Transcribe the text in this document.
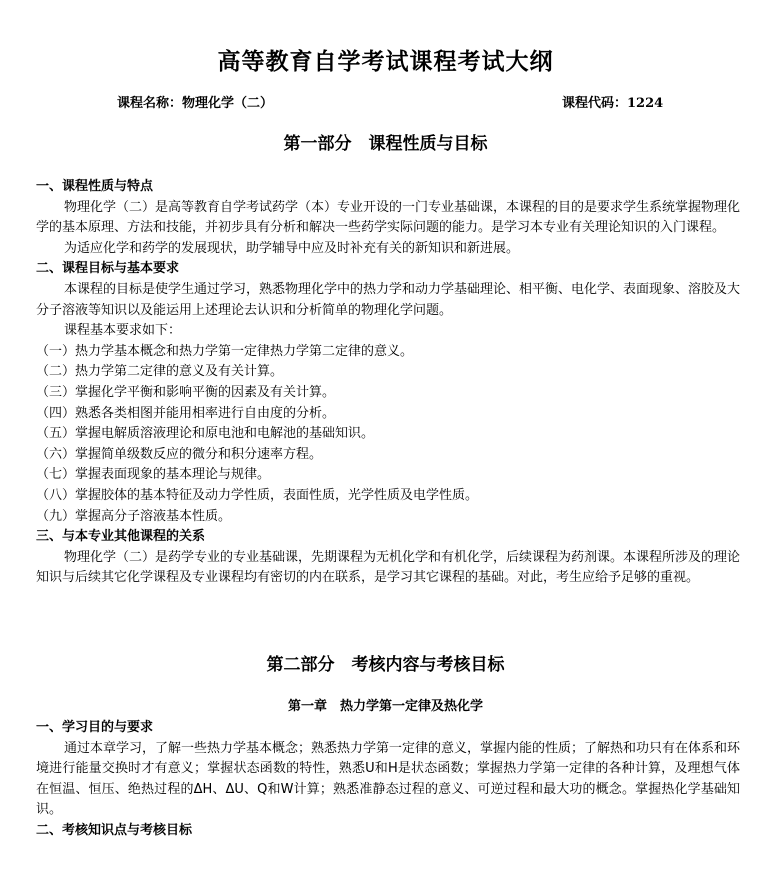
高等教育自学考试课程考试大纲
课程名称：物理化学（二）	课程代码：1224
第一部分　课程性质与目标

一、课程性质与特点

物理化学（二）是高等教育自学考试药学（本）专业开设的一门专业基础课，本课程的目的是要求学生系统掌握物理化学的基本原理、方法和技能，并初步具有分析和解决一些药学实际问题的能力。是学习本专业有关理论知识的入门课程。

为适应化学和药学的发展现状，助学辅导中应及时补充有关的新知识和新进展。

二、课程目标与基本要求

本课程的目标是使学生通过学习，熟悉物理化学中的热力学和动力学基础理论、相平衡、电化学、表面现象、溶胶及大分子溶液等知识以及能运用上述理论去认识和分析简单的物理化学问题。

课程基本要求如下：

（一）热力学基本概念和热力学第一定律热力学第二定律的意义。

（二）热力学第二定律的意义及有关计算。

（三）掌握化学平衡和影响平衡的因素及有关计算。

（四）熟悉各类相图并能用相率进行自由度的分析。

（五）掌握电解质溶液理论和原电池和电解池的基础知识。

（六）掌握简单级数反应的微分和积分速率方程。

（七）掌握表面现象的基本理论与规律。

（八）掌握胶体的基本特征及动力学性质，表面性质，光学性质及电学性质。

（九）掌握高分子溶液基本性质。

三、与本专业其他课程的关系

物理化学（二）是药学专业的专业基础课，先期课程为无机化学和有机化学，后续课程为药剂课。本课程所涉及的理论知识与后续其它化学课程及专业课程均有密切的内在联系，是学习其它课程的基础。对此，考生应给予足够的重视。

第二部分　考核内容与考核目标
第一章　热力学第一定律及热化学

一、学习目的与要求

通过本章学习，了解一些热力学基本概念；熟悉热力学第一定律的意义，掌握内能的性质；了解热和功只有在体系和环境进行能量交换时才有意义；掌握状态函数的特性，熟悉U和H是状态函数；掌握热力学第一定律的各种计算，及理想气体在恒温、恒压、绝热过程的ΔH、ΔU、Q和W计算；熟悉准静态过程的意义、可逆过程和最大功的概念。掌握热化学基础知识。

二、考核知识点与考核目标
